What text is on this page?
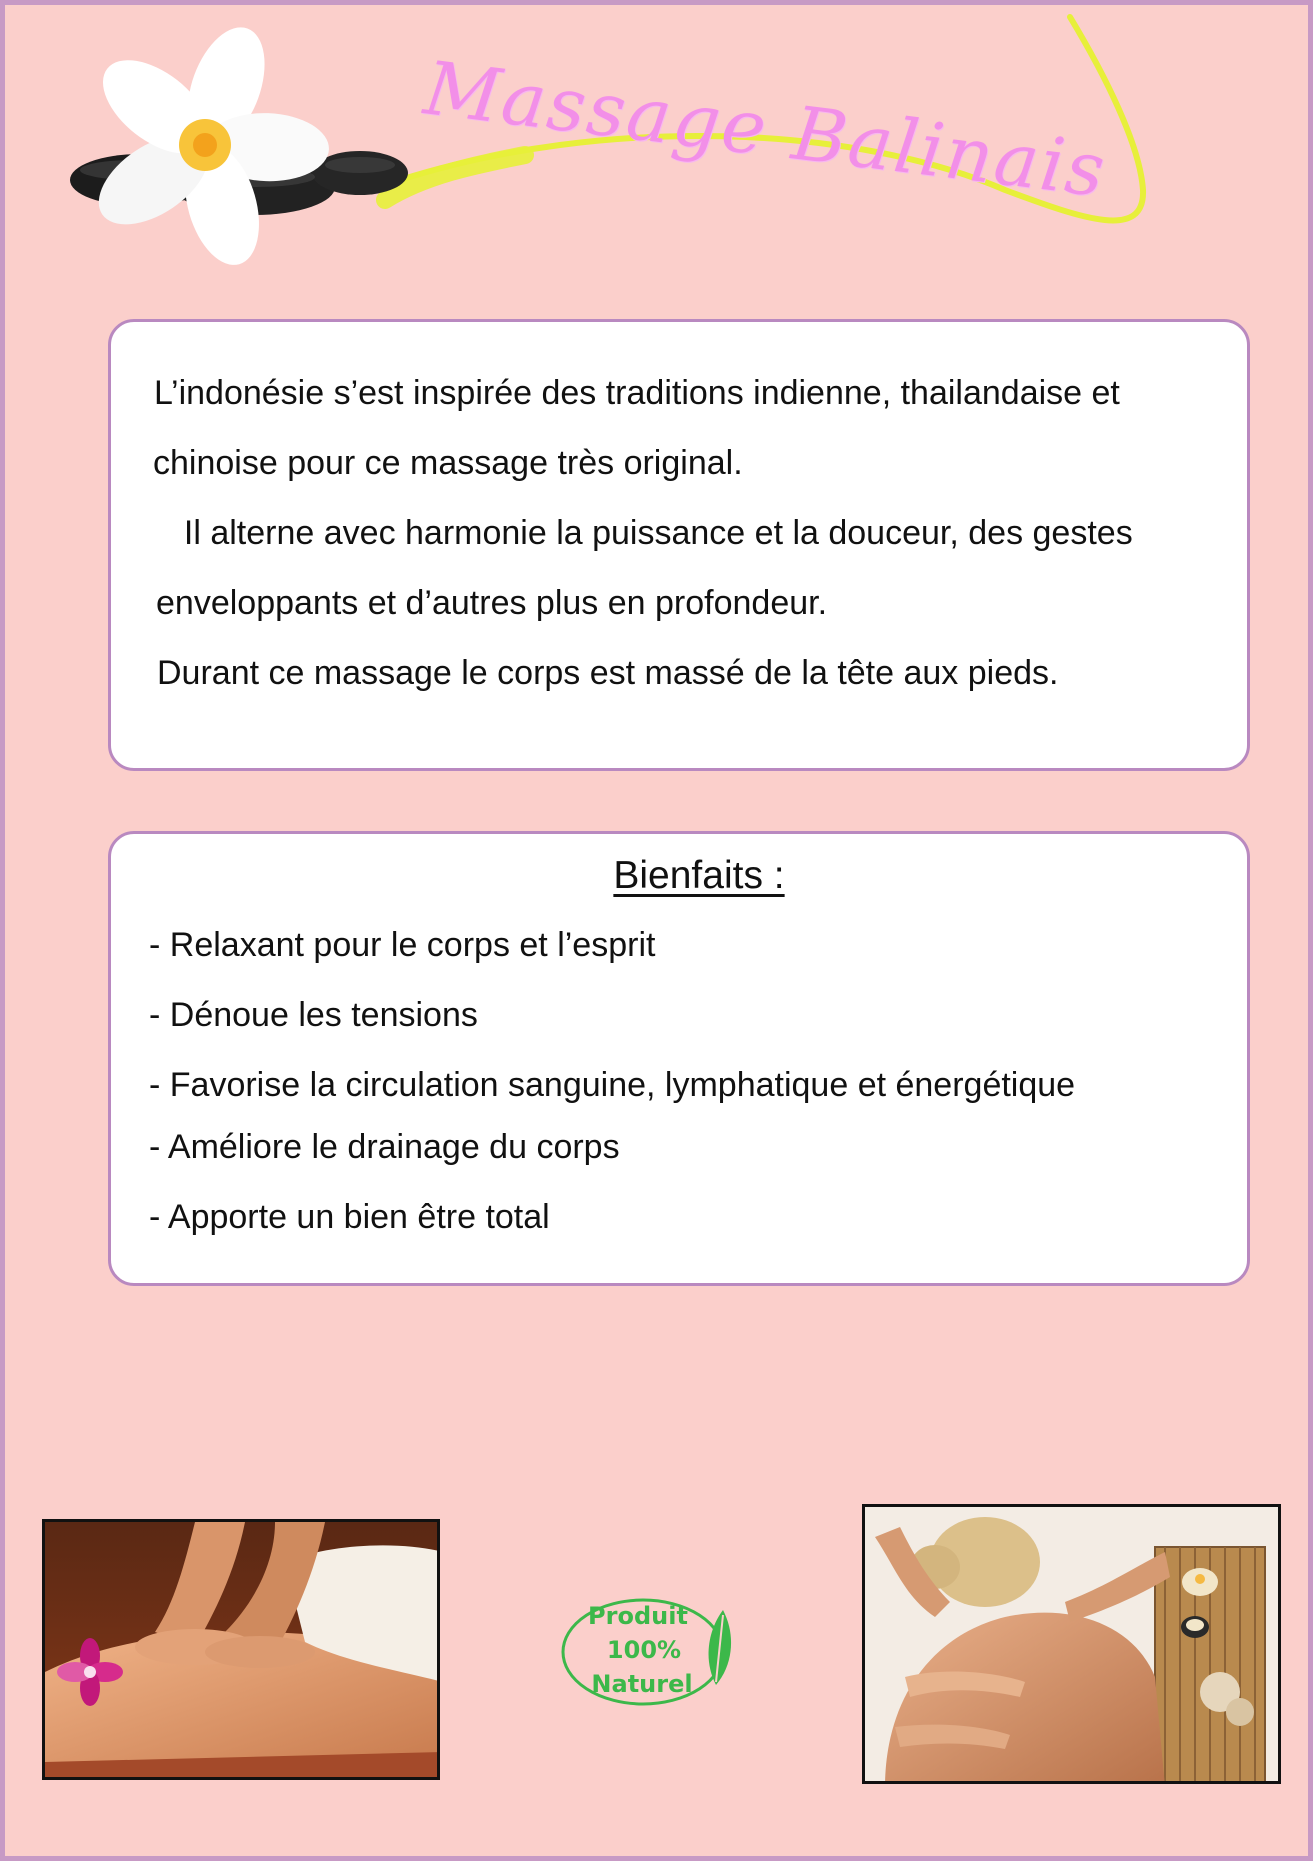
Massage Balinais
L’indonésie s’est inspirée des traditions indienne, thailandaise et
chinoise pour ce massage très original.
Il alterne avec harmonie la puissance et la douceur, des gestes
enveloppants et d’autres plus en profondeur.
Durant ce massage le corps est massé de la tête aux pieds.
Bienfaits :
- Relaxant pour le corps et l’esprit
- Dénoue les tensions
- Favorise la circulation sanguine, lymphatique et énergétique
- Améliore le drainage du corps
- Apporte un bien être total
Produit
100%
Naturel
